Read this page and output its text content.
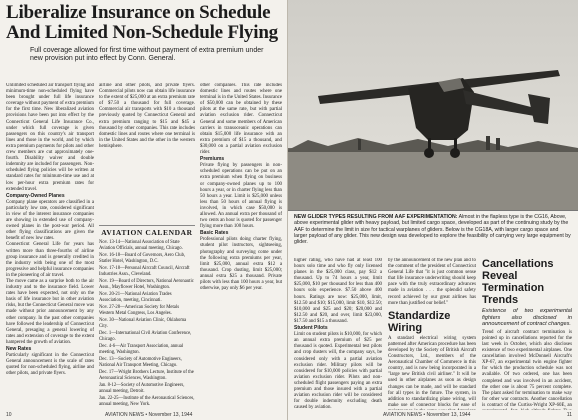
Liberalize Insurance on Schedule
And Limited Non-Schedule Flying
Full coverage allowed for first time without payment of extra premium under new provision put into effect by Conn. General.

Unlimited scheduled air transport flying and minimum-time non-scheduled flying have been brought under full life insurance coverage without payment of extra premium for the first time. New liberalized aviation provisions have been put into effect by the Connecticut General Life Insurance Co., under which full coverage is given passengers on this country's air transport lines and those in the world, and by which extra premium payments for pilots and other crew members are cut approximately one-fourth. Disability waiver and double indemnity are included for passengers. Non-scheduled flying policies will be written at standard rates for minimum-time use and at low per-hour extra premium rates for extended travel.

Company-Owned Planes

Company plane operators are classified in a particularly low rate, considered significant in view of the interest insurance companies are showing in extended use of company-owned planes in the post-war period. All other flying classifications are given the benefit of new low rates.

Connecticut General Life for years has written more than three-fourths of airline group insurance and is generally credited in the industry with being one of the most progressive and helpful insurance companies in the pioneering of air travel.

The move came as a surprise both to the air industry and to the insurance field. Lower rates have been expected, not only on the basis of life insurance but in other aviation risks, but the Connecticut General move was made without prior announcement by any other company. In the past other companies have followed the leadership of Connecticut General, presaging a general lowering of rates and extension of coverage to the extent hampered the growth of aviation.

New Rates

Particularly significant in the Connecticut General announcement is the scale of rates quoted for non-scheduled flying, airline and other pilots, and private flyers.

airline and other pilots, and private flyers. Commercial pilots now can obtain life insurance to the extent of $25,000 at an extra premium rate of $7.50 a thousand for full coverage. Commercial air transports with $10 a thousand previously quoted by Connecticut General and extra premium ranging to $15 and $45 a thousand by other companies. This rate includes domestic lines and routes where one terminal is in the United States and the other in the western hemisphere.

AVIATION CALENDAR
Nov. 13-14—National Association of State Aviation Officials, annual meeting, Chicago.
Nov. 16-18—Board of Governors, Aero Club, Statler Hotel, Washington, D.C.
Nov. 17-18—Personal Aircraft Council, Aircraft Industries Assn., Cleveland.
Nov. 19—Board of Directors, National Aeronautic Assn., Mayflower Hotel, Washington.
Nov. 20-21—National Aviation Trades Association, meeting, Cincinnati.
Nov. 27-28—American Society for Metals Western Metal Congress, Los Angeles.
Nov. 30—National Aviation Clinic, Oklahoma City.
Dec. 1—International Civil Aviation Conference, Chicago.
Dec. 4-6—Air Transport Association, annual meeting, Washington.
Dec. 13—Society of Automotive Engineers, National Air Transport Meeting, Chicago.
Dec. 17—Wright Brothers Lecture, Institute of the Aeronautical Sciences, Washington.
Jan. 8-12—Society of Automotive Engineers, annual meeting, Detroit.
Jan. 22-25—Institute of the Aeronautical Sciences, annual meeting, New York.

other companies. This rate includes domestic lines and routes where one terminal is in the United States. Insurance of $50,000 can be obtained by these pilots at the same rate, but with partial aviation exclusion rider. Connecticut General and some members of American carriers in transoceanic operations can obtain $15,000 life insurance with an extra premium of $15 a thousand, and $30,000 on a partial aviation exclusion rider.

Premiums

Private flying by passengers in non-scheduled operations can be put on an extra premium when flying on business or company-owned planes up to 100 hours a year, or in charter flying less than 50 hours a year. Limit is $25,000 unless less than 50 hours of annual flying is involved, in which case $50,000 is allowed. An annual extra per thousand of two cents an hour is quoted for passenger flying more than 100 hours.

Basic Rates

Professional pilots doing charter flying, student pilot instructors, sightseeing, photography and surveying come under the following extra premiums per year, limit $25,000, annual extra $12 a thousand. Crop dusting, limit $25,000; annual extra $25 a thousand. Private pilots with less than 100 hours a year, but otherwise, pay only $6 per year.

10	AVIATION NEWS • November 13, 1944
NEW GLIDER TYPES RESULTING FROM AAF EXPERIMENTATION: Almost in the flapless type is the CG16, Above, above experimental glider with heavy payload, but limited cargo space, developed as part of the continuing study by the AAF to determine the limit in size for tactical warplanes of gliders. Below is the CG18A, with larger cargo space and larger payload of any glider. This new design was developed to explore the feasibility of carrying very large equipment by glider.

higher rating, who have had at least 100 hours solo time and who fly only licensed planes in the $25,000 class, pay $12 a thousand. Up to 74 hours a year, limit $25,000, $10 per thousand for less than 400 hours solo experience. $7.50 above 400 hours. Ratings are now: $25,000, limit, $12.50 and $10; $15,000, limit $10, $12.50; $10,000 and $25 and $20; $20,000 and $12.50 and $20, and over, limit $23,000, $17.50 and $15 a thousand.

Student Pilots

Limit on student pilots is $10,000, for which an annual extra premium of $25 per thousand is quoted. Experimental test pilots and crop dusters will, the company says, be considered only with a partial aviation exclusion rider. Military pilots will be considered for $10,000 policies with partial aviation exclusion rider. Pilots and non-scheduled flight passengers paying an extra premium and those insured with a partial aviation exclusion rider will be considered for double indemnity excluding death caused by aviation.

by the announcement of the new plan and to the comment of the president of Connecticut General Life that "it is just common sense that life insurance underwriting should keep pace with the truly extraordinary advances made in aviation . . . the splendid safety record achieved by our great airlines has more than justified our belief."

Standardize Wiring

A standard electrical wiring system patterned after American procedure has been developed by the Society of British Aircraft Constructors, Ltd., members of the Aeronautical Chamber of Commerce in this country, and is now being incorporated in a "large new British civil airliner." It will be used in other airplanes as soon as design changes can be made, and will be standard for all types in the future. The system, in addition to standardizing plane wiring, will make use of connector blocks for ease of

Cancellations Reveal
Termination Trends
Existence of two experimental fighters also disclosed in announcement of contract changes.

Trend of aircraft contract termination is pointed up in cancellations reported for the last week in October, which also discloses existence of two experimental airplanes. One cancellation involved McDonnell Aircraft's XP-67, an experimental twin engine fighter for which the production schedule was not available. Of two ordered, one has been completed and was involved in an accident, the other one is about 75 percent complete. The plant asked for termination to make way for other war contracts. Another cancellation is contract of the Curtiss-Wright XP-60E, an

AVIATION NEWS • November 13, 1944	11
